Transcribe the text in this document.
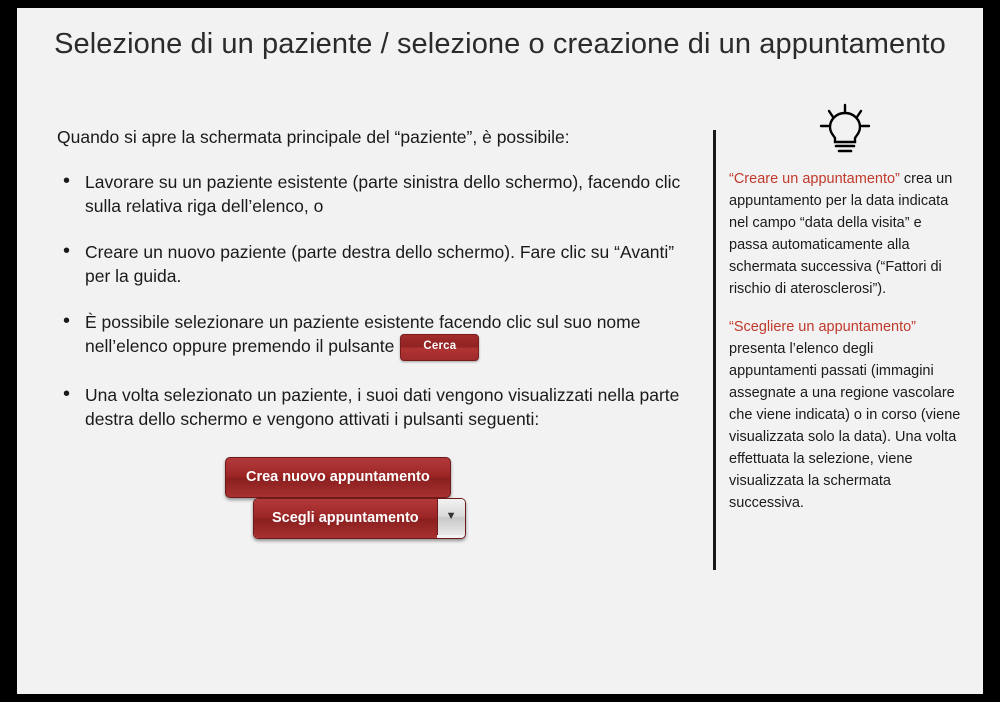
Selezione di un paziente / selezione o creazione di un appuntamento

Quando si apre la schermata principale del “paziente”, è possibile:

• Lavorare su un paziente esistente (parte sinistra dello schermo), facendo clic sulla relativa riga dell’elenco, o
• Creare un nuovo paziente (parte destra dello schermo). Fare clic su “Avanti” per la guida.
• È possibile selezionare un paziente esistente facendo clic sul suo nome nell’elenco oppure premendo il pulsante	Cerca
• Una volta selezionato un paziente, i suoi dati vengono visualizzati nella parte destra dello schermo e vengono attivati i pulsanti seguenti:
Crea nuovo appuntamento Scegli appuntamento ▼

“Creare un appuntamento” crea un appuntamento per la data indicata nel campo “data della visita” e passa automaticamente alla schermata successiva (“Fattori di rischio di aterosclerosi”).

“Scegliere un appuntamento” presenta l’elenco degli appuntamenti passati (immagini assegnate a una regione vascolare che viene indicata) o in corso (viene visualizzata solo la data). Una volta effettuata la selezione, viene visualizzata la schermata successiva.
